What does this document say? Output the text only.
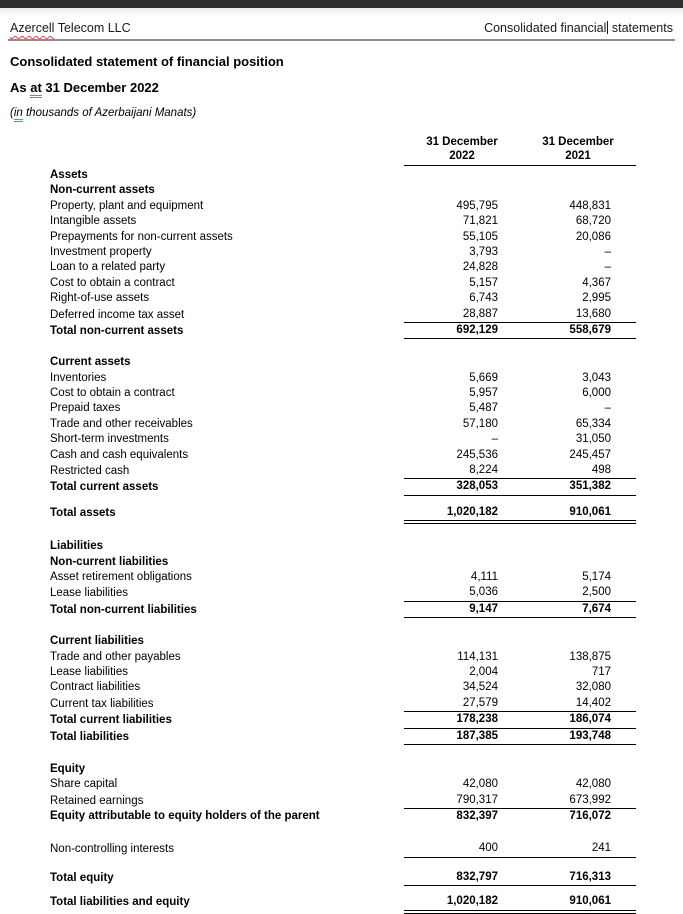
Azercell Telecom LLC	Consolidated financial statements
Consolidated statement of financial position
As at 31 December 2022
(in thousands of Azerbaijani Manats)
31 December
2022
31 December
2021
Assets
Non-current assets
Property, plant and equipment	495,795	448,831
Intangible assets	71,821	68,720
Prepayments for non-current assets	55,105	20,086
Investment property	3,793	–
Loan to a related party	24,828	–
Cost to obtain a contract	5,157	4,367
Right-of-use assets	6,743	2,995
Deferred income tax asset	28,887	13,680
Total non-current assets	692,129	558,679
Current assets
Inventories	5,669	3,043
Cost to obtain a contract	5,957	6,000
Prepaid taxes	5,487	–
Trade and other receivables	57,180	65,334
Short-term investments	–	31,050
Cash and cash equivalents	245,536	245,457
Restricted cash	8,224	498
Total current assets	328,053	351,382
Total assets	1,020,182	910,061
Liabilities
Non-current liabilities
Asset retirement obligations	4,111	5,174
Lease liabilities	5,036	2,500
Total non-current liabilities	9,147	7,674
Current liabilities
Trade and other payables	114,131	138,875
Lease liabilities	2,004	717
Contract liabilities	34,524	32,080
Current tax liabilities	27,579	14,402
Total current liabilities	178,238	186,074
Total liabilities	187,385	193,748
Equity
Share capital	42,080	42,080
Retained earnings	790,317	673,992
Equity attributable to equity holders of the parent	832,397	716,072
Non-controlling interests	400	241
Total equity	832,797	716,313
Total liabilities and equity	1,020,182	910,061
